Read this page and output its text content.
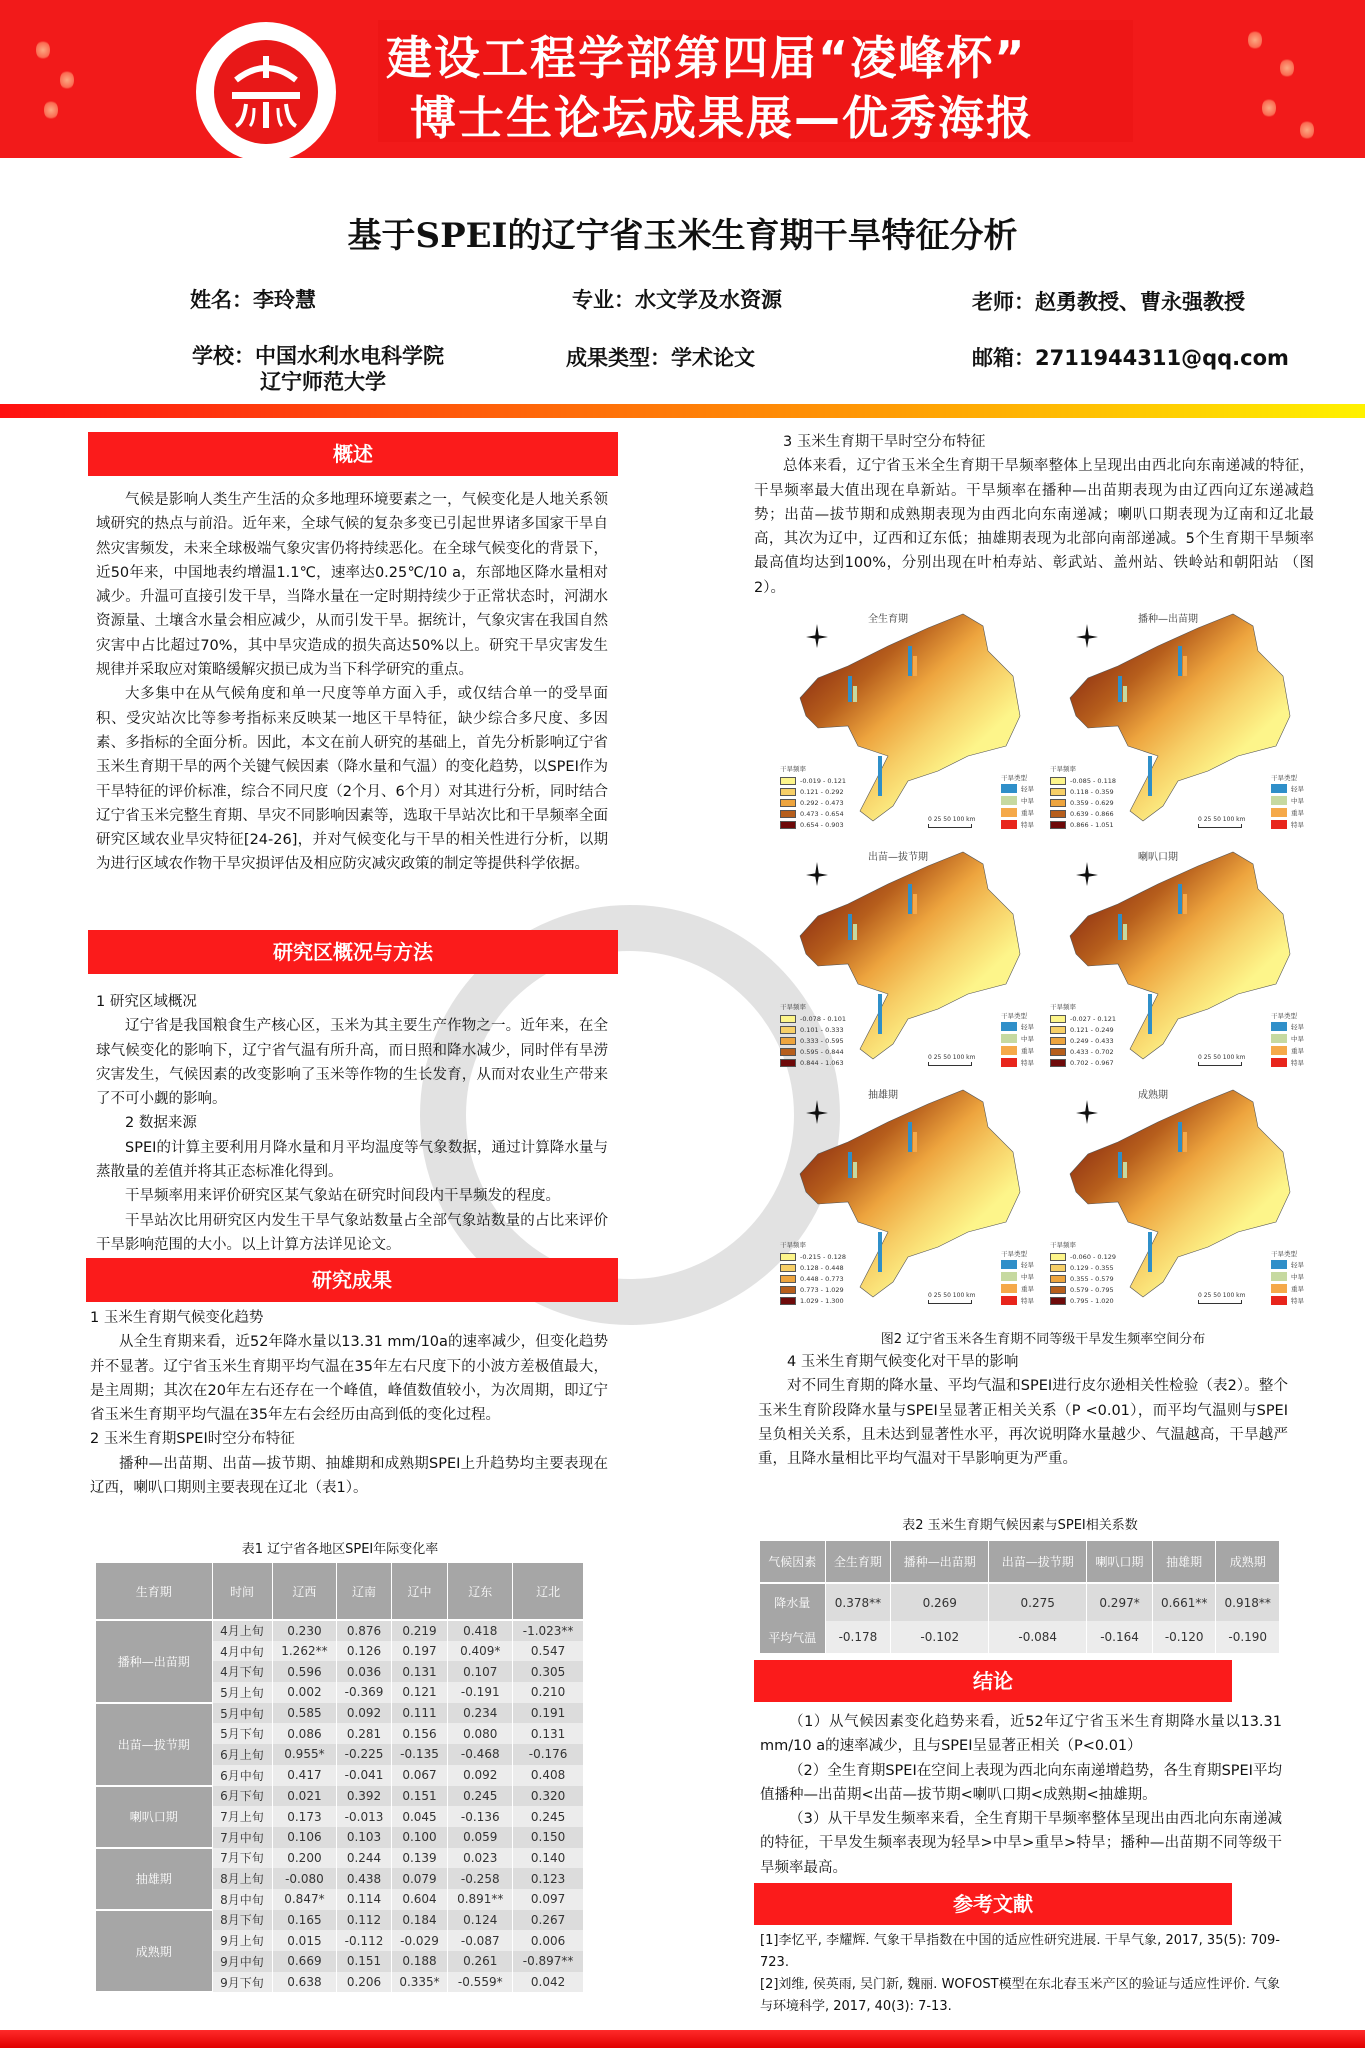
建设工程学部第四届“凌峰杯”
博士生论坛成果展—优秀海报
基于SPEI的辽宁省玉米生育期干旱特征分析
姓名：李玲慧	专业：水文学及水资源	老师：赵勇教授、曹永强教授
学校：中国水利水电科学院
辽宁师范大学
成果类型：学术论文	邮箱：2711944311@qq.com
概述

气候是影响人类生产生活的众多地理环境要素之一，气候变化是人地关系领域研究的热点与前沿。近年来，全球气候的复杂多变已引起世界诸多国家干旱自然灾害频发，未来全球极端气象灾害仍将持续恶化。在全球气候变化的背景下，近50年来，中国地表约增温1.1℃，速率达0.25℃/10 a，东部地区降水量相对减少。升温可直接引发干旱，当降水量在一定时期持续少于正常状态时，河湖水资源量、土壤含水量会相应减少，从而引发干旱。据统计，气象灾害在我国自然灾害中占比超过70%，其中旱灾造成的损失高达50%以上。研究干旱灾害发生规律并采取应对策略缓解灾损已成为当下科学研究的重点。

大多集中在从气候角度和单一尺度等单方面入手，或仅结合单一的受旱面积、受灾站次比等参考指标来反映某一地区干旱特征，缺少综合多尺度、多因素、多指标的全面分析。因此，本文在前人研究的基础上，首先分析影响辽宁省玉米生育期干旱的两个关键气候因素（降水量和气温）的变化趋势，以SPEI作为干旱特征的评价标准，综合不同尺度（2个月、6个月）对其进行分析，同时结合辽宁省玉米完整生育期、旱灾不同影响因素等，选取干旱站次比和干旱频率全面研究区域农业旱灾特征[24-26]，并对气候变化与干旱的相关性进行分析，以期为进行区域农作物干旱灾损评估及相应防灾减灾政策的制定等提供科学依据。

研究区概况与方法
1 研究区域概况

辽宁省是我国粮食生产核心区，玉米为其主要生产作物之一。近年来，在全球气候变化的影响下，辽宁省气温有所升高，而日照和降水减少，同时伴有旱涝灾害发生，气候因素的改变影响了玉米等作物的生长发育，从而对农业生产带来了不可小觑的影响。

2 数据来源

SPEI的计算主要利用月降水量和月平均温度等气象数据，通过计算降水量与蒸散量的差值并将其正态标准化得到。

干旱频率用来评价研究区某气象站在研究时间段内干旱频发的程度。

干旱站次比用研究区内发生干旱气象站数量占全部气象站数量的占比来评价干旱影响范围的大小。以上计算方法详见论文。

研究成果
1 玉米生育期气候变化趋势

从全生育期来看，近52年降水量以13.31 mm/10a的速率减少，但变化趋势并不显著。辽宁省玉米生育期平均气温在35年左右尺度下的小波方差极值最大，是主周期；其次在20年左右还存在一个峰值，峰值数值较小，为次周期，即辽宁省玉米生育期平均气温在35年左右会经历由高到低的变化过程。

2 玉米生育期SPEI时空分布特征

播种—出苗期、出苗—拔节期、抽雄期和成熟期SPEI上升趋势均主要表现在辽西，喇叭口期则主要表现在辽北（表1）。

表1 辽宁省各地区SPEI年际变化率
生育期	时间	辽西	辽南	辽中	辽东	辽北
播种—出苗期	4月上旬	0.230	0.876	0.219	0.418	-1.023**
	4月中旬	1.262**	0.126	0.197	0.409*	0.547
	4月下旬	0.596	0.036	0.131	0.107	0.305
	5月上旬	0.002	-0.369	0.121	-0.191	0.210
出苗—拔节期	5月中旬	0.585	0.092	0.111	0.234	0.191
	5月下旬	0.086	0.281	0.156	0.080	0.131
	6月上旬	0.955*	-0.225	-0.135	-0.468	-0.176
	6月中旬	0.417	-0.041	0.067	0.092	0.408
喇叭口期	6月下旬	0.021	0.392	0.151	0.245	0.320
	7月上旬	0.173	-0.013	0.045	-0.136	0.245
	7月中旬	0.106	0.103	0.100	0.059	0.150
抽雄期	7月下旬	0.200	0.244	0.139	0.023	0.140
	8月上旬	-0.080	0.438	0.079	-0.258	0.123
	8月中旬	0.847*	0.114	0.604	0.891**	0.097
成熟期	8月下旬	0.165	0.112	0.184	0.124	0.267
	9月上旬	0.015	-0.112	-0.029	-0.087	0.006
	9月中旬	0.669	0.151	0.188	0.261	-0.897**
	9月下旬	0.638	0.206	0.335*	-0.559*	0.042
3 玉米生育期干旱时空分布特征

总体来看，辽宁省玉米全生育期干旱频率整体上呈现出由西北向东南递减的特征，干旱频率最大值出现在阜新站。干旱频率在播种—出苗期表现为由辽西向辽东递减趋势；出苗—拔节期和成熟期表现为由西北向东南递减；喇叭口期表现为辽南和辽北最高，其次为辽中，辽西和辽东低；抽雄期表现为北部向南部递减。5个生育期干旱频率最高值均达到100%，分别出现在叶柏寿站、彰武站、盖州站、铁岭站和朝阳站 （图2）。

全生育期
干旱频率
-0.019 - 0.121
0.121 - 0.292
0.292 - 0.473
0.473 - 0.654
0.654 - 0.903
干旱类型
轻旱
中旱
重旱
特旱
0 25 50 100 km
播种—出苗期
干旱频率
-0.085 - 0.118
0.118 - 0.359
0.359 - 0.629
0.639 - 0.866
0.866 - 1.051
干旱类型
轻旱
中旱
重旱
特旱
0 25 50 100 km
出苗—拔节期
干旱频率
-0.078 - 0.101
0.101 - 0.333
0.333 - 0.595
0.595 - 0.844
0.844 - 1.063
干旱类型
轻旱
中旱
重旱
特旱
0 25 50 100 km
喇叭口期
干旱频率
-0.027 - 0.121
0.121 - 0.249
0.249 - 0.433
0.433 - 0.702
0.702 - 0.967
干旱类型
轻旱
中旱
重旱
特旱
0 25 50 100 km
抽雄期
干旱频率
-0.215 - 0.128
0.128 - 0.448
0.448 - 0.773
0.773 - 1.029
1.029 - 1.300
干旱类型
轻旱
中旱
重旱
特旱
0 25 50 100 km
成熟期
干旱频率
-0.060 - 0.129
0.129 - 0.355
0.355 - 0.579
0.579 - 0.795
0.795 - 1.020
干旱类型
轻旱
中旱
重旱
特旱
0 25 50 100 km
图2 辽宁省玉米各生育期不同等级干旱发生频率空间分布
4 玉米生育期气候变化对干旱的影响

对不同生育期的降水量、平均气温和SPEI进行皮尔逊相关性检验（表2）。整个玉米生育阶段降水量与SPEI呈显著正相关关系（P <0.01），而平均气温则与SPEI呈负相关关系，且未达到显著性水平，再次说明降水量越少、气温越高，干旱越严重，且降水量相比平均气温对干旱影响更为严重。

表2 玉米生育期气候因素与SPEI相关系数
气候因素	全生育期	播种—出苗期	出苗—拔节期	喇叭口期	抽雄期	成熟期
降水量	0.378**	0.269	0.275	0.297*	0.661**	0.918**
平均气温	-0.178	-0.102	-0.084	-0.164	-0.120	-0.190
结论

（1）从气候因素变化趋势来看，近52年辽宁省玉米生育期降水量以13.31 mm/10 a的速率减少，且与SPEI呈显著正相关（P<0.01）

（2）全生育期SPEI在空间上表现为西北向东南递增趋势，各生育期SPEI平均值播种—出苗期<出苗—拔节期<喇叭口期<成熟期<抽雄期。

（3）从干旱发生频率来看，全生育期干旱频率整体呈现出由西北向东南递减的特征，干旱发生频率表现为轻旱>中旱>重旱>特旱；播种—出苗期不同等级干旱频率最高。

参考文献
[1]李忆平, 李耀辉. 气象干旱指数在中国的适应性研究进展. 干旱气象, 2017, 35(5): 709-723.
[2]刘维, 侯英雨, 吴门新, 魏丽. WOFOST模型在东北春玉米产区的验证与适应性评价. 气象与环境科学, 2017, 40(3): 7-13.
